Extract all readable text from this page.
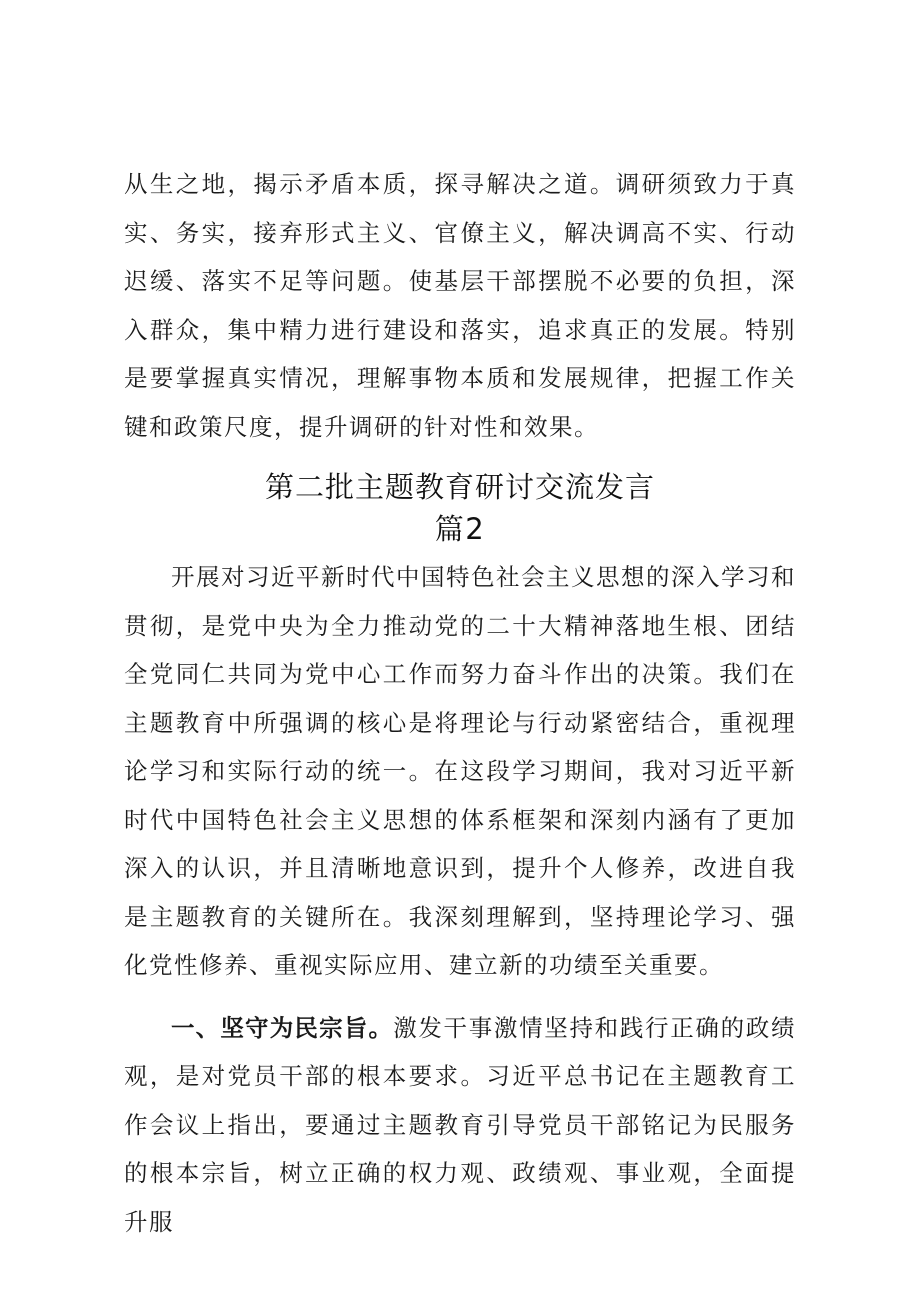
从生之地，揭示矛盾本质，探寻解决之道。调研须致力于真实、务实，接弃形式主义、官僚主义，解决调高不实、行动迟缓、落实不足等问题。使基层干部摆脱不必要的负担，深入群众，集中精力进行建设和落实，追求真正的发展。特别是要掌握真实情况，理解事物本质和发展规律，把握工作关键和政策尺度，提升调研的针对性和效果。

第二批主题教育研讨交流发言
篇2

开展对习近平新时代中国特色社会主义思想的深入学习和贯彻，是党中央为全力推动党的二十大精神落地生根、团结全党同仁共同为党中心工作而努力奋斗作出的决策。我们在主题教育中所强调的核心是将理论与行动紧密结合，重视理论学习和实际行动的统一。在这段学习期间，我对习近平新时代中国特色社会主义思想的体系框架和深刻内涵有了更加深入的认识，并且清晰地意识到，提升个人修养，改进自我是主题教育的关键所在。我深刻理解到，坚持理论学习、强化党性修养、重视实际应用、建立新的功绩至关重要。

一、坚守为民宗旨。激发干事激情坚持和践行正确的政绩观，是对党员干部的根本要求。习近平总书记在主题教育工作会议上指出，要通过主题教育引导党员干部铭记为民服务的根本宗旨，树立正确的权力观、政绩观、事业观，全面提升服
